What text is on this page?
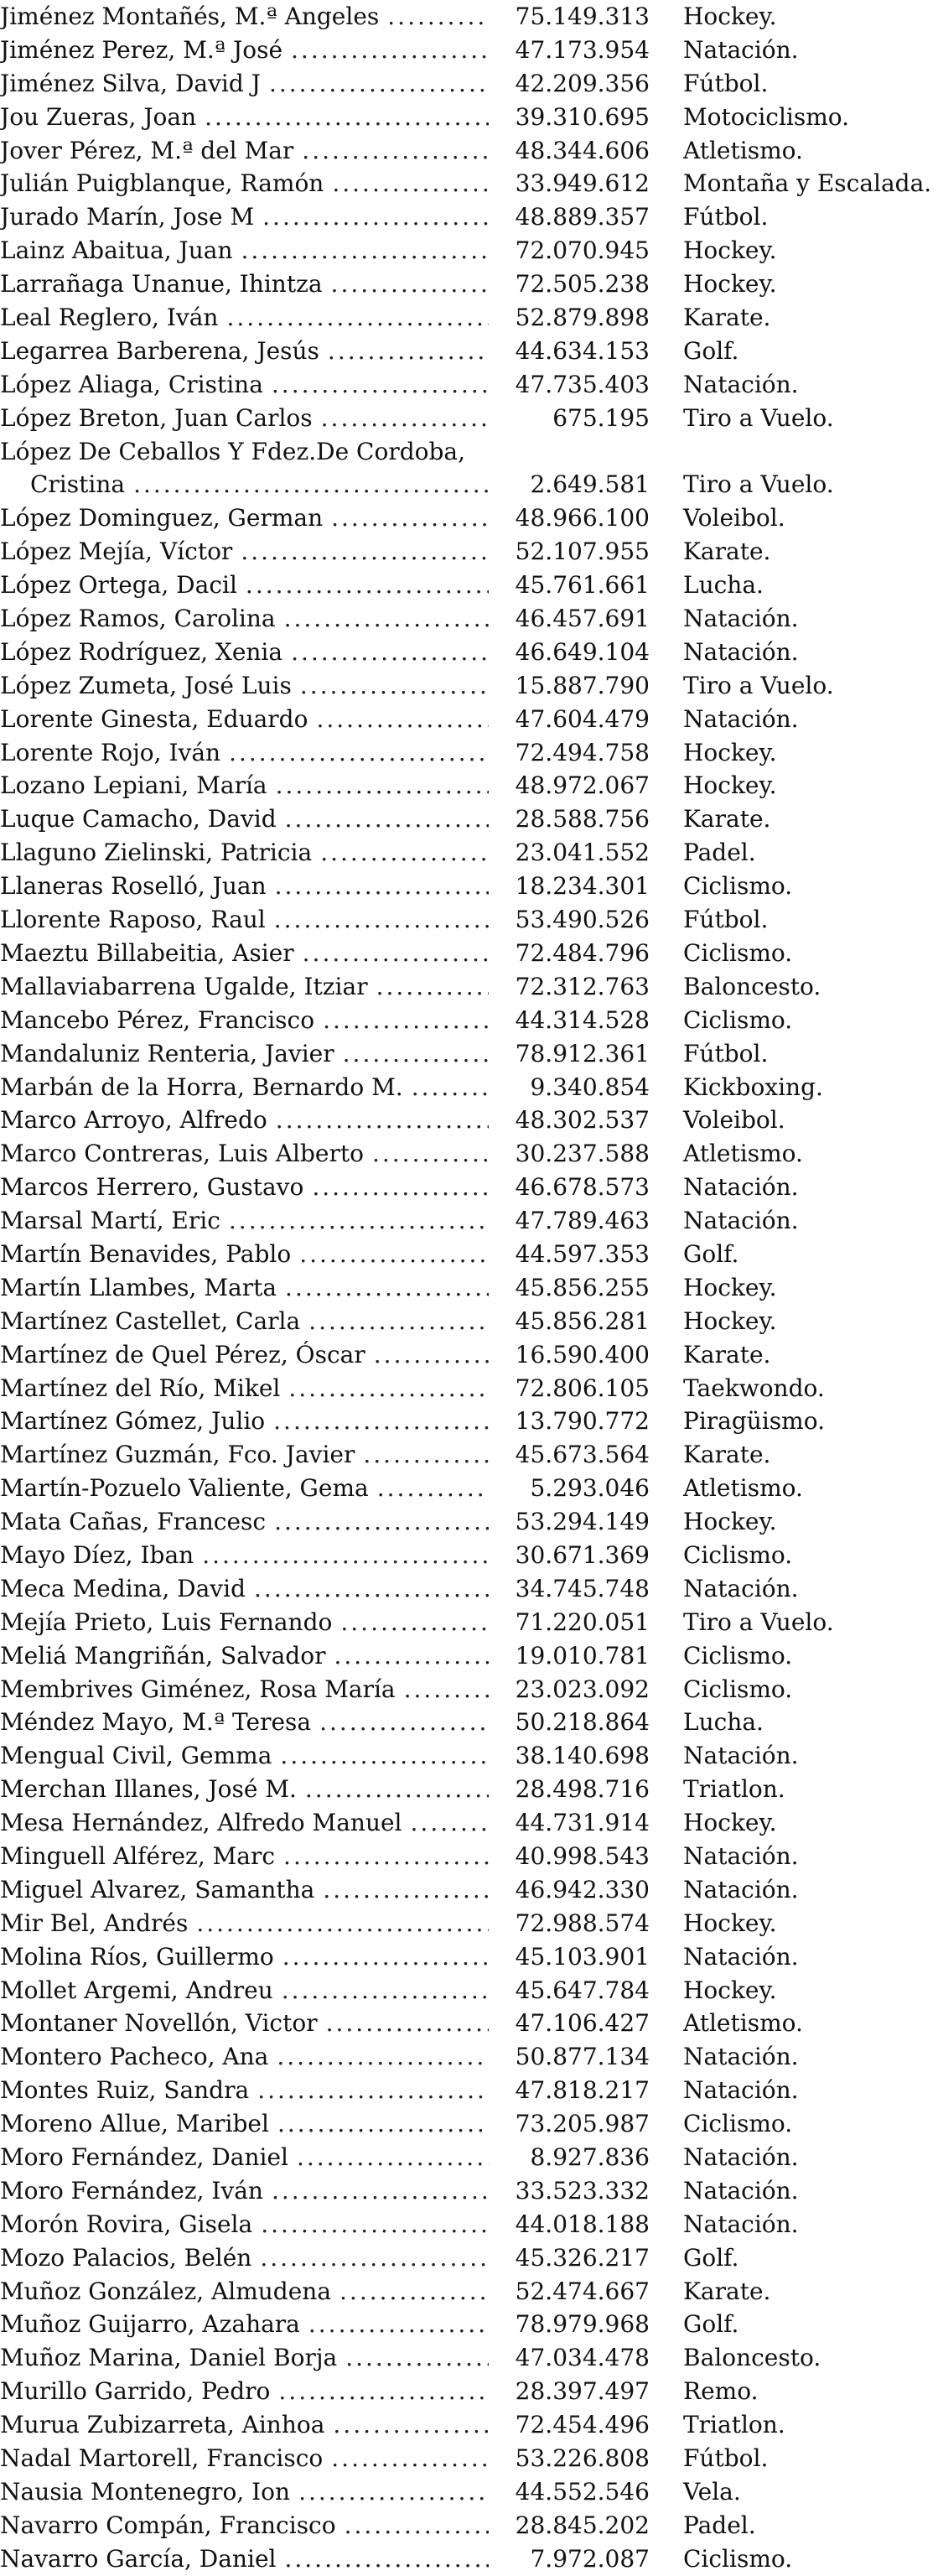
Jiménez Montañés, M.ª Angeles .....	75.149.313 Hockey.
Jiménez Perez, M.ª José .....	47.173.954 Natación.
Jiménez Silva, David J .....	42.209.356 Fútbol.
Jou Zueras, Joan .....	39.310.695 Motociclismo.
Jover Pérez, M.ª del Mar .....	48.344.606 Atletismo.
Julián Puigblanque, Ramón .....	33.949.612 Montaña y Escalada.
Jurado Marín, Jose M .....	48.889.357 Fútbol.
Lainz Abaitua, Juan .....	72.070.945 Hockey.
Larrañaga Unanue, Ihintza .....	72.505.238 Hockey.
Leal Reglero, Iván .....	52.879.898 Karate.
Legarrea Barberena, Jesús .....	44.634.153 Golf.
López Aliaga, Cristina .....	47.735.403 Natación.
López Breton, Juan Carlos .....	675.195 Tiro a Vuelo.
López De Ceballos Y Fdez.De Cordoba,
Cristina .....	2.649.581 Tiro a Vuelo.
López Dominguez, German .....	48.966.100 Voleibol.
López Mejía, Víctor .....	52.107.955 Karate.
López Ortega, Dacil .....	45.761.661 Lucha.
López Ramos, Carolina .....	46.457.691 Natación.
López Rodríguez, Xenia .....	46.649.104 Natación.
López Zumeta, José Luis .....	15.887.790 Tiro a Vuelo.
Lorente Ginesta, Eduardo .....	47.604.479 Natación.
Lorente Rojo, Iván .....	72.494.758 Hockey.
Lozano Lepiani, María .....	48.972.067 Hockey.
Luque Camacho, David .....	28.588.756 Karate.
Llaguno Zielinski, Patricia .....	23.041.552 Padel.
Llaneras Roselló, Juan .....	18.234.301 Ciclismo.
Llorente Raposo, Raul .....	53.490.526 Fútbol.
Maeztu Billabeitia, Asier .....	72.484.796 Ciclismo.
Mallaviabarrena Ugalde, Itziar .....	72.312.763 Baloncesto.
Mancebo Pérez, Francisco .....	44.314.528 Ciclismo.
Mandaluniz Renteria, Javier .....	78.912.361 Fútbol.
Marbán de la Horra, Bernardo M. .....	9.340.854 Kickboxing.
Marco Arroyo, Alfredo .....	48.302.537 Voleibol.
Marco Contreras, Luis Alberto .....	30.237.588 Atletismo.
Marcos Herrero, Gustavo .....	46.678.573 Natación.
Marsal Martí, Eric .....	47.789.463 Natación.
Martín Benavides, Pablo .....	44.597.353 Golf.
Martín Llambes, Marta .....	45.856.255 Hockey.
Martínez Castellet, Carla .....	45.856.281 Hockey.
Martínez de Quel Pérez, Óscar .....	16.590.400 Karate.
Martínez del Río, Mikel .....	72.806.105 Taekwondo.
Martínez Gómez, Julio .....	13.790.772 Piragüismo.
Martínez Guzmán, Fco. Javier .....	45.673.564 Karate.
Martín-Pozuelo Valiente, Gema .....	5.293.046 Atletismo.
Mata Cañas, Francesc .....	53.294.149 Hockey.
Mayo Díez, Iban .....	30.671.369 Ciclismo.
Meca Medina, David .....	34.745.748 Natación.
Mejía Prieto, Luis Fernando .....	71.220.051 Tiro a Vuelo.
Meliá Mangriñán, Salvador .....	19.010.781 Ciclismo.
Membrives Giménez, Rosa María .....	23.023.092 Ciclismo.
Méndez Mayo, M.ª Teresa .....	50.218.864 Lucha.
Mengual Civil, Gemma .....	38.140.698 Natación.
Merchan Illanes, José M. .....	28.498.716 Triatlon.
Mesa Hernández, Alfredo Manuel .....	44.731.914 Hockey.
Minguell Alférez, Marc .....	40.998.543 Natación.
Miguel Alvarez, Samantha .....	46.942.330 Natación.
Mir Bel, Andrés .....	72.988.574 Hockey.
Molina Ríos, Guillermo .....	45.103.901 Natación.
Mollet Argemi, Andreu .....	45.647.784 Hockey.
Montaner Novellón, Victor .....	47.106.427 Atletismo.
Montero Pacheco, Ana .....	50.877.134 Natación.
Montes Ruiz, Sandra .....	47.818.217 Natación.
Moreno Allue, Maribel .....	73.205.987 Ciclismo.
Moro Fernández, Daniel .....	8.927.836 Natación.
Moro Fernández, Iván .....	33.523.332 Natación.
Morón Rovira, Gisela .....	44.018.188 Natación.
Mozo Palacios, Belén .....	45.326.217 Golf.
Muñoz González, Almudena .....	52.474.667 Karate.
Muñoz Guijarro, Azahara .....	78.979.968 Golf.
Muñoz Marina, Daniel Borja .....	47.034.478 Baloncesto.
Murillo Garrido, Pedro .....	28.397.497 Remo.
Murua Zubizarreta, Ainhoa .....	72.454.496 Triatlon.
Nadal Martorell, Francisco .....	53.226.808 Fútbol.
Nausia Montenegro, Ion .....	44.552.546 Vela.
Navarro Compán, Francisco .....	28.845.202 Padel.
Navarro García, Daniel .....	7.972.087 Ciclismo.
